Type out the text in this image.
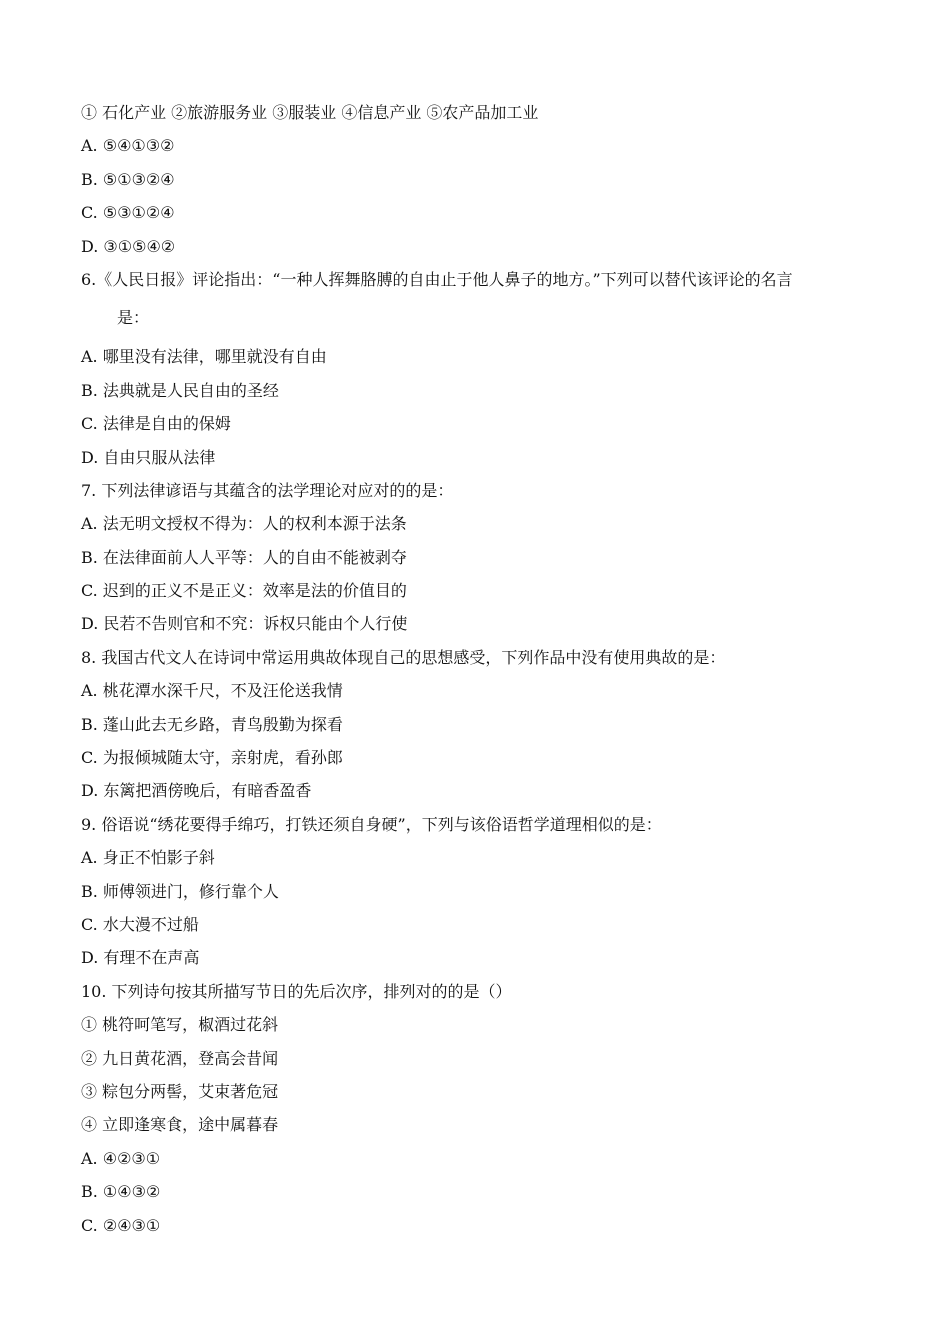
① 石化产业 ②旅游服务业 ③服装业 ④信息产业 ⑤农产品加工业
A. ⑤④①③②
B. ⑤①③②④
C. ⑤③①②④
D. ③①⑤④②
6.《人民日报》评论指出：“一种人挥舞胳膊的自由止于他人鼻子的地方。”下列可以替代该评论的名言
是：
A. 哪里没有法律，哪里就没有自由
B. 法典就是人民自由的圣经
C. 法律是自由的保姆
D. 自由只服从法律
7. 下列法律谚语与其蕴含的法学理论对应对的的是：
A. 法无明文授权不得为：人的权利本源于法条
B. 在法律面前人人平等：人的自由不能被剥夺
C. 迟到的正义不是正义：效率是法的价值目的
D. 民若不告则官和不究：诉权只能由个人行使
8. 我国古代文人在诗词中常运用典故体现自己的思想感受，下列作品中没有使用典故的是：
A. 桃花潭水深千尺，不及汪伦送我情
B. 蓬山此去无乡路，青鸟殷勤为探看
C. 为报倾城随太守，亲射虎，看孙郎
D. 东篱把酒傍晚后，有暗香盈香
9. 俗语说“绣花要得手绵巧，打铁还须自身硬”，下列与该俗语哲学道理相似的是：
A. 身正不怕影子斜
B. 师傅领进门，修行靠个人
C. 水大漫不过船
D. 有理不在声高
10. 下列诗句按其所描写节日的先后次序，排列对的的是（）
① 桃符呵笔写，椒酒过花斜
② 九日黄花酒，登高会昔闻
③ 粽包分两髻，艾束著危冠
④ 立即逢寒食，途中属暮春
A. ④②③①
B. ①④③②
C. ②④③①
